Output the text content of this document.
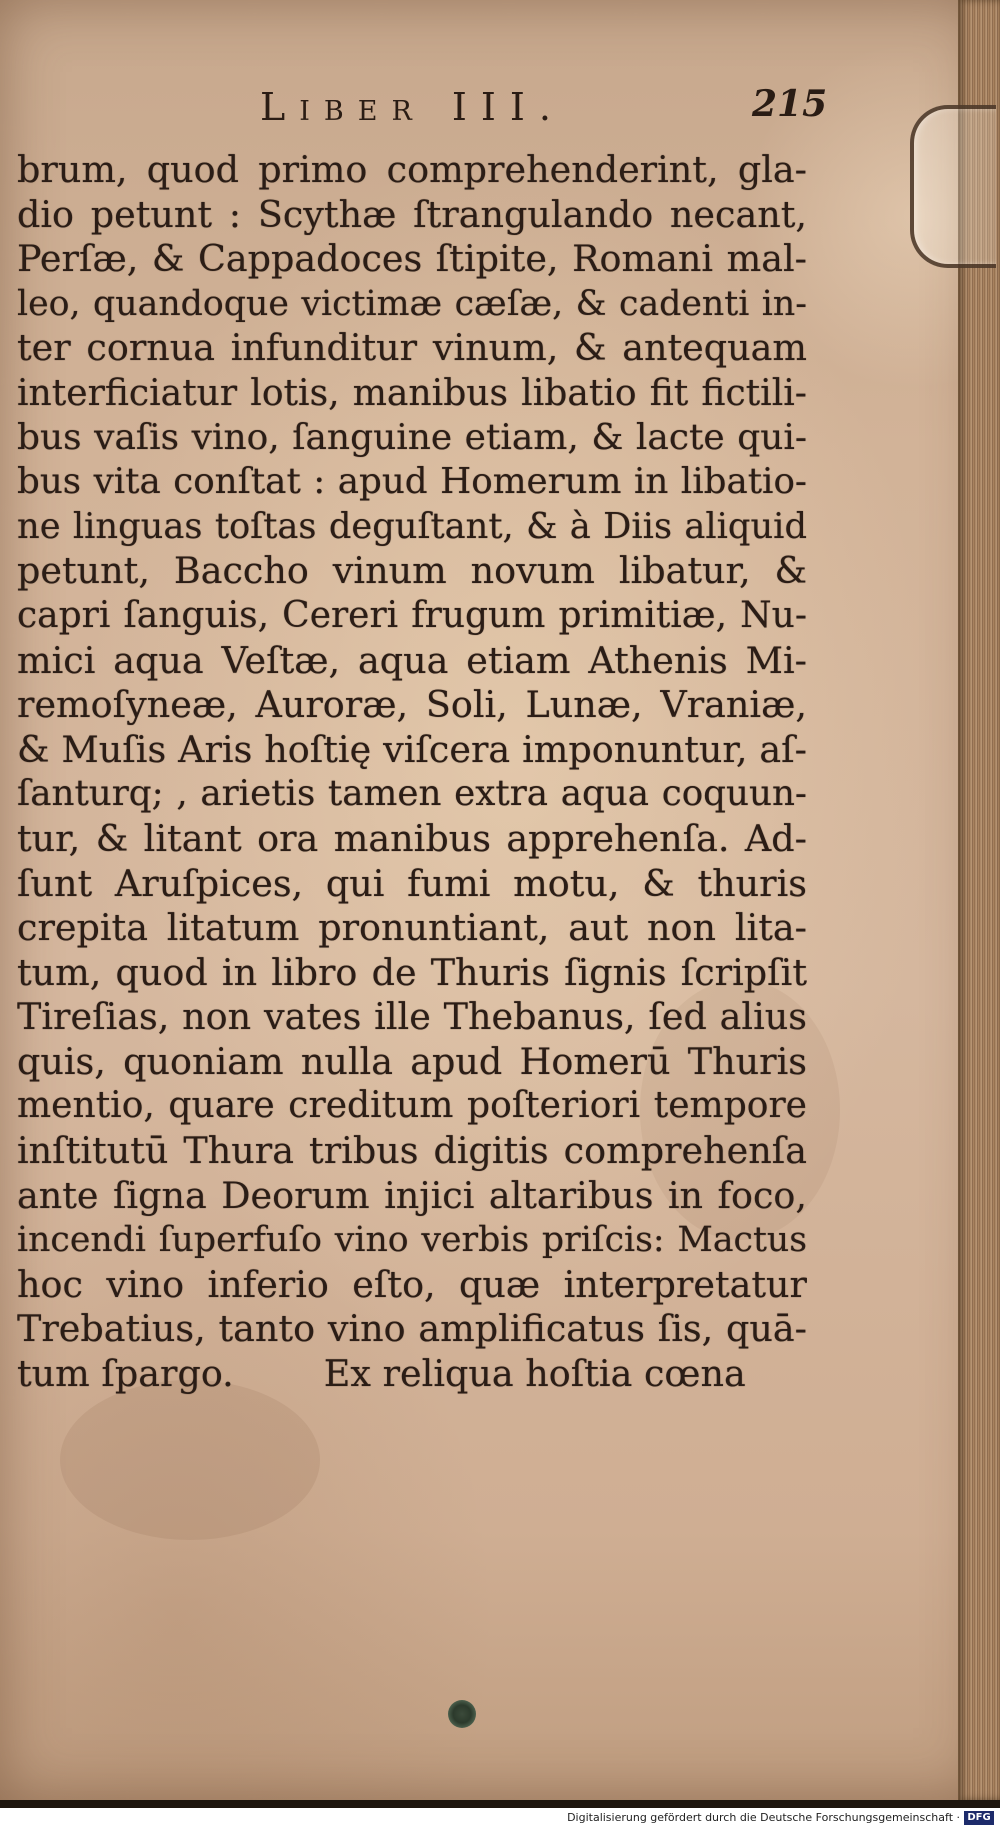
Liber III.	215
brum, quod primo comprehenderint, gla-
dio petunt : Scythæ ſtrangulando necant,
Perſæ, & Cappadoces ſtipite, Romani mal-
leo, quandoque victimæ cæſæ, & cadenti in-
ter cornua infunditur vinum, & antequam
interficiatur lotis, manibus libatio fit fictili-
bus vaſis vino, ſanguine etiam, & lacte qui-
bus vita conſtat : apud Homerum in libatio-
ne linguas toſtas deguſtant, & à Diis aliquid
petunt, Baccho vinum novum libatur, &
capri ſanguis, Cereri frugum primitiæ, Nu-
mici aqua Veſtæ, aqua etiam Athenis Mi-
remoſyneæ, Auroræ, Soli, Lunæ, Vraniæ,
& Muſis Aris hoſtię viſcera imponuntur, aſ-
ſanturq; , arietis tamen extra aqua coquun-
tur, & litant ora manibus apprehenſa. Ad-
ſunt Aruſpices, qui fumi motu, & thuris
crepita litatum pronuntiant, aut non lita-
tum, quod in libro de Thuris ſignis ſcripſit
Tireſias, non vates ille Thebanus, ſed alius
quis, quoniam nulla apud Homerū Thuris
mentio, quare creditum poſteriori tempore
inſtitutū Thura tribus digitis comprehenſa
ante ſigna Deorum injici altaribus in foco,
incendi ſuperfuſo vino verbis priſcis: Mactus
hoc vino inferio eſto, quæ interpretatur
Trebatius, tanto vino amplificatus ſis, quā-
tum ſpargo. Ex reliqua hoſtia cœna
Digitalisierung gefördert durch die Deutsche Forschungsgemeinschaft · DFG
